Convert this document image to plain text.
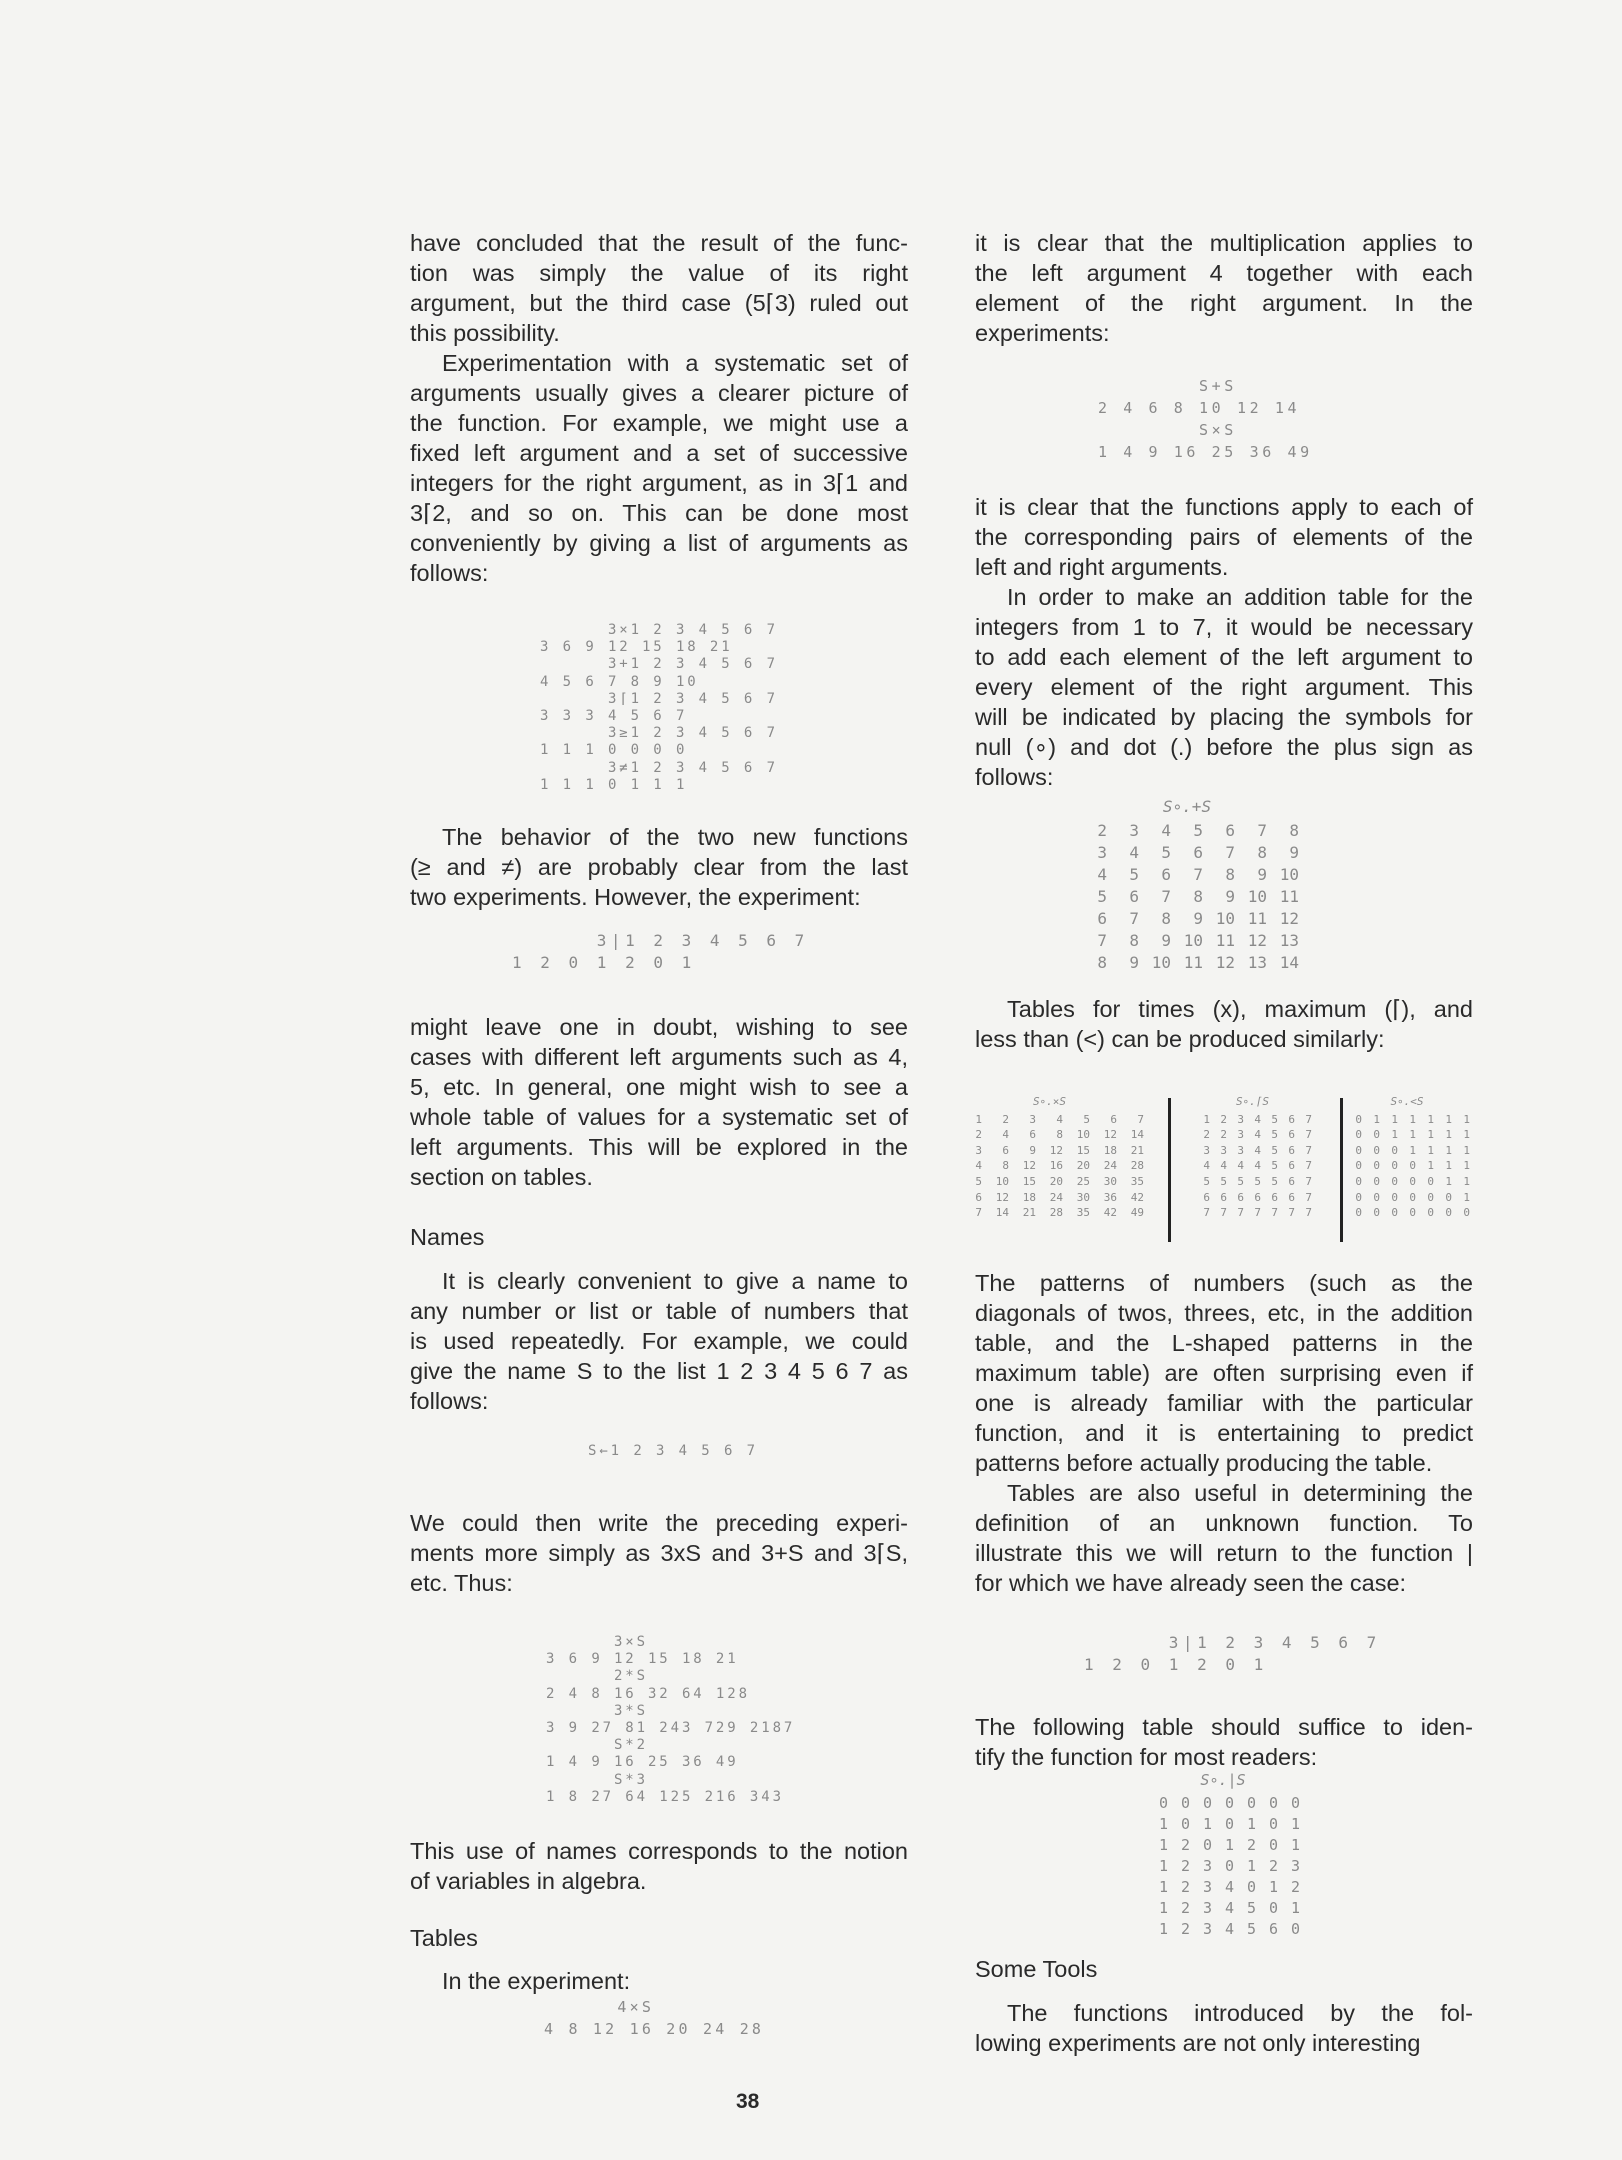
have concluded that the result of the func-
tion was simply the value of its right
argument, but the third case (5⌈3) ruled out
this possibility.
Experimentation with a systematic set of
arguments usually gives a clearer picture of
the function. For example, we might use a
fixed left argument and a set of successive
integers for the right argument, as in 3⌈1 and
3⌈2, and so on. This can be done most
conveniently by giving a list of arguments as
follows:
3×1 2 3 4 5 6 7
3 6 9 12 15 18 21
3+1 2 3 4 5 6 7
4 5 6 7 8 9 10
3⌈1 2 3 4 5 6 7
3 3 3 4 5 6 7
3≥1 2 3 4 5 6 7
1 1 1 0 0 0 0
3≠1 2 3 4 5 6 7
1 1 1 0 1 1 1
The behavior of the two new functions
(≥ and ≠) are probably clear from the last
two experiments. However, the experiment:
3|1 2 3 4 5 6 7
1 2 0 1 2 0 1
might leave one in doubt, wishing to see
cases with different left arguments such as 4,
5, etc. In general, one might wish to see a
whole table of values for a systematic set of
left arguments. This will be explored in the
section on tables.
Names
It is clearly convenient to give a name to
any number or list or table of numbers that
is used repeatedly. For example, we could
give the name S to the list 1 2 3 4 5 6 7 as
follows:
S←1 2 3 4 5 6 7
We could then write the preceding experi-
ments more simply as 3xS and 3+S and 3⌈S,
etc. Thus:
3×S
3 6 9 12 15 18 21
2*S
2 4 8 16 32 64 128
3*S
3 9 27 81 243 729 2187
S*2
1 4 9 16 25 36 49
S*3
1 8 27 64 125 216 343
This use of names corresponds to the notion
of variables in algebra.
Tables
In the experiment:
4×S
4 8 12 16 20 24 28
it is clear that the multiplication applies to
the left argument 4 together with each
element of the right argument. In the
experiments:
S+S
2 4 6 8 10 12 14
S×S
1 4 9 16 25 36 49
it is clear that the functions apply to each of
the corresponding pairs of elements of the
left and right arguments.
In order to make an addition table for the
integers from 1 to 7, it would be necessary
to add each element of the left argument to
every element of the right argument. This
will be indicated by placing the symbols for
null (∘) and dot (.) before the plus sign as
follows:
S∘.+S
2	3	4	5	6	7	8
3	4	5	6	7	8	9
4	5	6	7	8	9 10
5	6	7	8	9 10 11
6	7	8	9 10 11 12
7	8	9 10 11 12 13
8	9 10 11 12 13 14
Tables for times (x), maximum (⌈), and
less than (<) can be produced similarly:
S∘.×S
1	2	3	4	5	6	7
2	4	6	8	10	12	14
3	6	9	12	15	18	21
4	8	12	16	20	24	28
5	10	15	20	25	30	35
6	12	18	24	30	36	42
7	14	21	28	35	42	49
S∘.⌈S
1 2 3 4 5 6 7
2 2 3 4 5 6 7
3 3 3 4 5 6 7
4 4 4 4 5 6 7
5 5 5 5 5 6 7
6 6 6 6 6 6 7
7 7 7 7 7 7 7
S∘.<S
0	1	1	1	1	1	1
0	0	1	1	1	1	1
0	0	0	1	1	1	1
0	0	0	0	1	1	1
0	0	0	0	0	1	1
0	0	0	0	0	0	1
0	0	0	0	0	0	0
The patterns of numbers (such as the
diagonals of twos, threes, etc, in the addition
table, and the L-shaped patterns in the
maximum table) are often surprising even if
one is already familiar with the particular
function, and it is entertaining to predict
patterns before actually producing the table.
Tables are also useful in determining the
definition of an unknown function. To
illustrate this we will return to the function |
for which we have already seen the case:
3|1 2 3 4 5 6 7
1 2 0 1 2 0 1
The following table should suffice to iden-
tify the function for most readers:
S∘.|S
0 0 0 0 0 0 0
1 0 1 0 1 0 1
1 2 0 1 2 0 1
1 2 3 0 1 2 3
1 2 3 4 0 1 2
1 2 3 4 5 0 1
1 2 3 4 5 6 0
Some Tools
The functions introduced by the fol-
lowing experiments are not only interesting
38
